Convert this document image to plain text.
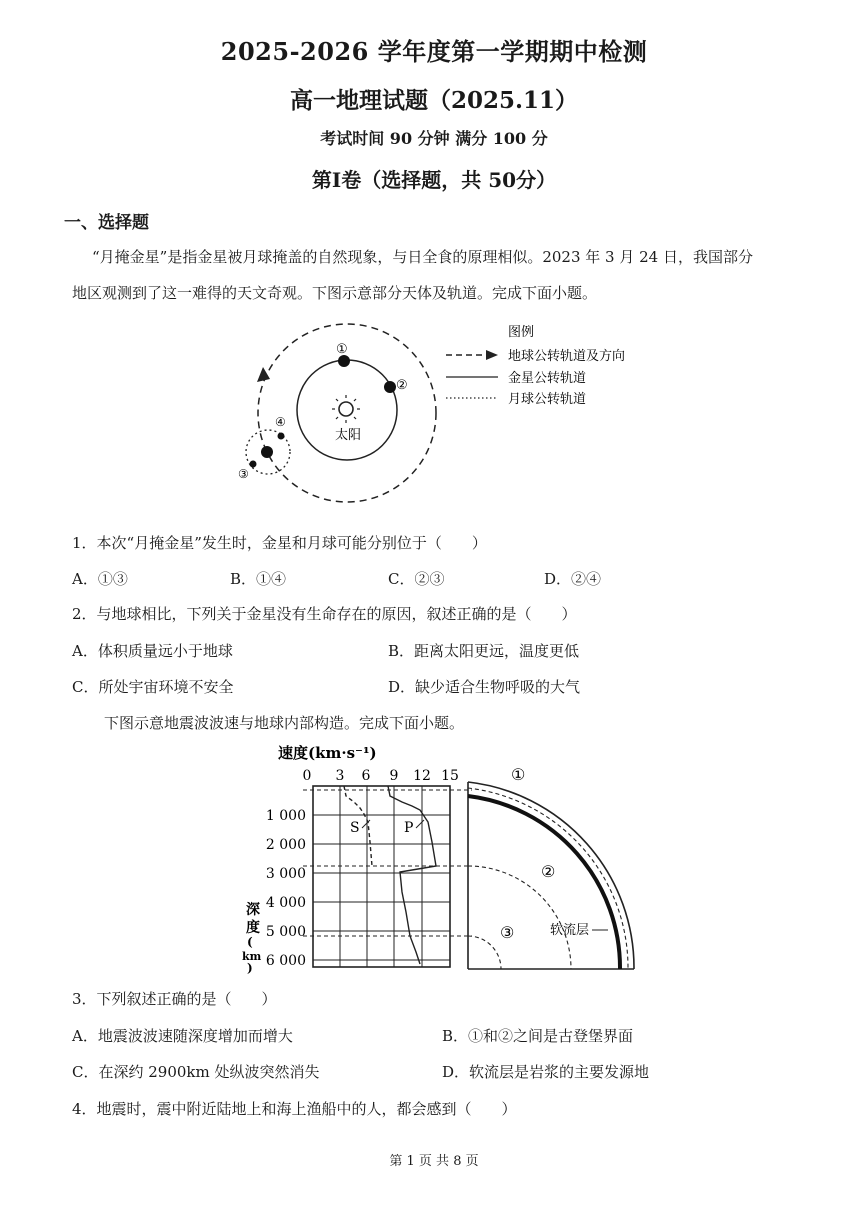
2025-2026 学年度第一学期期中检测
高一地理试题（2025.11）
考试时间 90 分钟 满分 100 分
第Ⅰ卷（选择题，共 50分）
一、选择题
“月掩金星”是指金星被月球掩盖的自然现象，与日全食的原理相似。2023 年 3 月 24 日，我国部分
地区观测到了这一难得的天文奇观。下图示意部分天体及轨道。完成下面小题。
太阳
①
②
④
③
图例
地球公转轨道及方向
金星公转轨道
月球公转轨道
1．本次“月掩金星”发生时，金星和月球可能分别位于（　　）
A．①③	B．①④	C．②③	D．②④
2．与地球相比，下列关于金星没有生命存在的原因，叙述正确的是（　　）
A．体积质量远小于地球	B．距离太阳更远，温度更低
C．所处宇宙环境不安全	D．缺少适合生物呼吸的大气
下图示意地震波波速与地球内部构造。完成下面小题。
速度(km·s⁻¹)
0 3 6 9 12 15
1 000
2 000
3 000
4 000
5 000
6 000
深
度
(
km
)
S	P
①
②
③	软流层
3．下列叙述正确的是（　　）
A．地震波波速随深度增加而增大	B．①和②之间是古登堡界面
C．在深约 2900km 处纵波突然消失	D．软流层是岩浆的主要发源地
4．地震时，震中附近陆地上和海上渔船中的人，都会感到（　　）
第 1 页 共 8 页
